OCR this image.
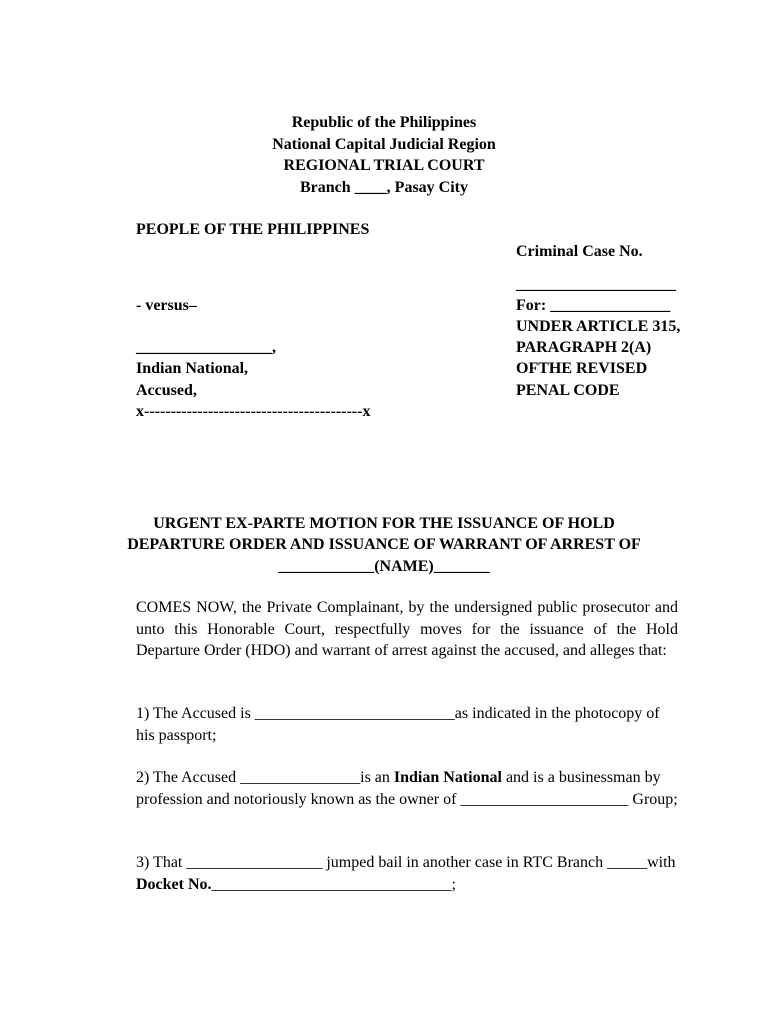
Republic of the Philippines
National Capital Judicial Region
REGIONAL TRIAL COURT
Branch ____, Pasay City
PEOPLE OF THE PHILIPPINES
- versus–
_________________,
Indian National,
Accused,
x-----------------------------------------x
Criminal Case No.
____________________
For: _______________
UNDER ARTICLE 315,
PARAGRAPH 2(A)
OFTHE REVISED
PENAL CODE
URGENT EX-PARTE MOTION FOR THE ISSUANCE OF HOLD
DEPARTURE ORDER AND ISSUANCE OF WARRANT OF ARREST OF
____________(NAME)_______
COMES NOW, the Private Complainant, by the undersigned public prosecutor and unto this Honorable Court, respectfully moves for the issuance of the Hold Departure Order (HDO) and warrant of arrest against the accused, and alleges that:
1) The Accused is _________________________as indicated in the photocopy of his passport;
2) The Accused _______________is an Indian National and is a businessman by profession and notoriously known as the owner of _____________________ Group;
3) That _________________ jumped bail in another case in RTC Branch _____with Docket No.______________________________;
